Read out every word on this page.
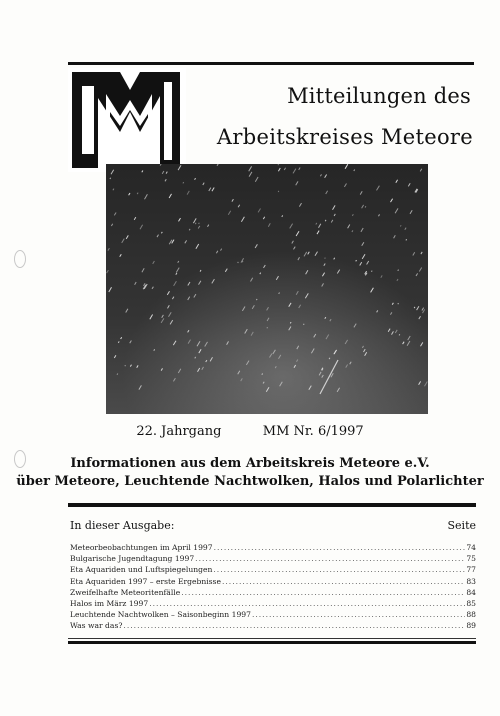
Mitteilungen des
Arbeitskreises Meteore
22. Jahrgang	MM Nr. 6/1997
Informationen aus dem Arbeitskreis Meteore e.V.
über Meteore, Leuchtende Nachtwolken, Halos und Polarlichter
In dieser Ausgabe:	Seite
Meteorbeobachtungen im April 1997 .....	74
Bulgarische Jugendtagung 1997 .....	75
Eta Aquariden und Luftspiegelungen .....	77
Eta Aquariden 1997 – erste Ergebnisse .....	83
Zweifelhafte Meteoritenfälle .....	84
Halos im März 1997 .....	85
Leuchtende Nachtwolken – Saisonbeginn 1997 .....	88
Was war das? .....	89
